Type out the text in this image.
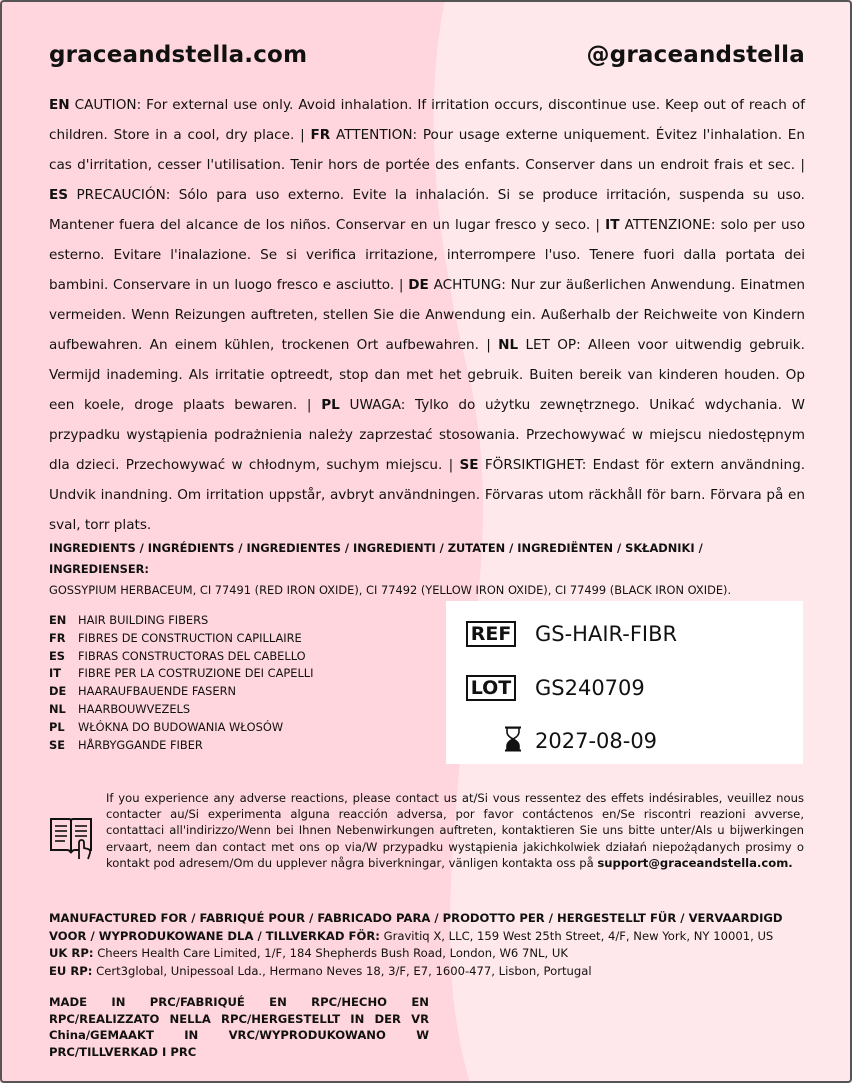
graceandstella.com	@graceandstella
EN CAUTION: For external use only. Avoid inhalation. If irritation occurs, discontinue use. Keep out of reach of children. Store in a cool, dry place. | FR ATTENTION: Pour usage externe uniquement. Évitez l'inhalation. En cas d'irritation, cesser l'utilisation. Tenir hors de portée des enfants. Conserver dans un endroit frais et sec. | ES PRECAUCIÓN: Sólo para uso externo. Evite la inhalación. Si se produce irritación, suspenda su uso. Mantener fuera del alcance de los niños. Conservar en un lugar fresco y seco. | IT ATTENZIONE: solo per uso esterno. Evitare l'inalazione. Se si verifica irritazione, interrompere l'uso. Tenere fuori dalla portata dei bambini. Conservare in un luogo fresco e asciutto. | DE ACHTUNG: Nur zur äußerlichen Anwendung. Einatmen vermeiden. Wenn Reizungen auftreten, stellen Sie die Anwendung ein. Außerhalb der Reichweite von Kindern aufbewahren. An einem kühlen, trockenen Ort aufbewahren. | NL LET OP: Alleen voor uitwendig gebruik. Vermijd inademing. Als irritatie optreedt, stop dan met het gebruik. Buiten bereik van kinderen houden. Op een koele, droge plaats bewaren. | PL UWAGA: Tylko do użytku zewnętrznego. Unikać wdychania. W przypadku wystąpienia podrażnienia należy zaprzestać stosowania. Przechowywać w miejscu niedostępnym dla dzieci. Przechowywać w chłodnym, suchym miejscu. | SE FÖRSIKTIGHET: Endast för extern användning. Undvik inandning. Om irritation uppstår, avbryt användningen. Förvaras utom räckhåll för barn. Förvara på en sval, torr plats.
INGREDIENTS / INGRÉDIENTS / INGREDIENTES / INGREDIENTI / ZUTATEN / INGREDIËNTEN / SKŁADNIKI / INGREDIENSER:
GOSSYPIUM HERBACEUM, CI 77491 (RED IRON OXIDE), CI 77492 (YELLOW IRON OXIDE), CI 77499 (BLACK IRON OXIDE).
EN	HAIR BUILDING FIBERS
FR	FIBRES DE CONSTRUCTION CAPILLAIRE
ES	FIBRAS CONSTRUCTORAS DEL CABELLO
IT	FIBRE PER LA COSTRUZIONE DEI CAPELLI
DE	HAARAUFBAUENDE FASERN
NL	HAARBOUWVEZELS
PL	WŁÓKNA DO BUDOWANIA WŁOSÓW
SE	HÅRBYGGANDE FIBER
REF GS-HAIR-FIBR
LOT GS240709
2027-08-09
If you experience any adverse reactions, please contact us at/Si vous ressentez des effets indésirables, veuillez nous contacter au/Si experimenta alguna reacción adversa, por favor contáctenos en/Se riscontri reazioni avverse, contattaci all'indirizzo/Wenn bei Ihnen Nebenwirkungen auftreten, kontaktieren Sie uns bitte unter/Als u bijwerkingen ervaart, neem dan contact met ons op via/W przypadku wystąpienia jakichkolwiek działań niepożądanych prosimy o kontakt pod adresem/Om du upplever några biverkningar, vänligen kontakta oss på support@graceandstella.com.
MANUFACTURED FOR / FABRIQUÉ POUR / FABRICADO PARA / PRODOTTO PER / HERGESTELLT FÜR / VERVAARDIGD VOOR / WYPRODUKOWANE DLA / TILLVERKAD FÖR: Gravitiq X, LLC, 159 West 25th Street, 4/F, New York, NY 10001, US
UK RP: Cheers Health Care Limited, 1/F, 184 Shepherds Bush Road, London, W6 7NL, UK
EU RP: Cert3global, Unipessoal Lda., Hermano Neves 18, 3/F, E7, 1600-477, Lisbon, Portugal
MADE IN PRC/FABRIQUÉ EN RPC/HECHO EN RPC/REALIZZATO NELLA RPC/HERGESTELLT IN DER VR China/GEMAAKT IN VRC/WYPRODUKOWANO W PRC/TILLVERKAD I PRC
